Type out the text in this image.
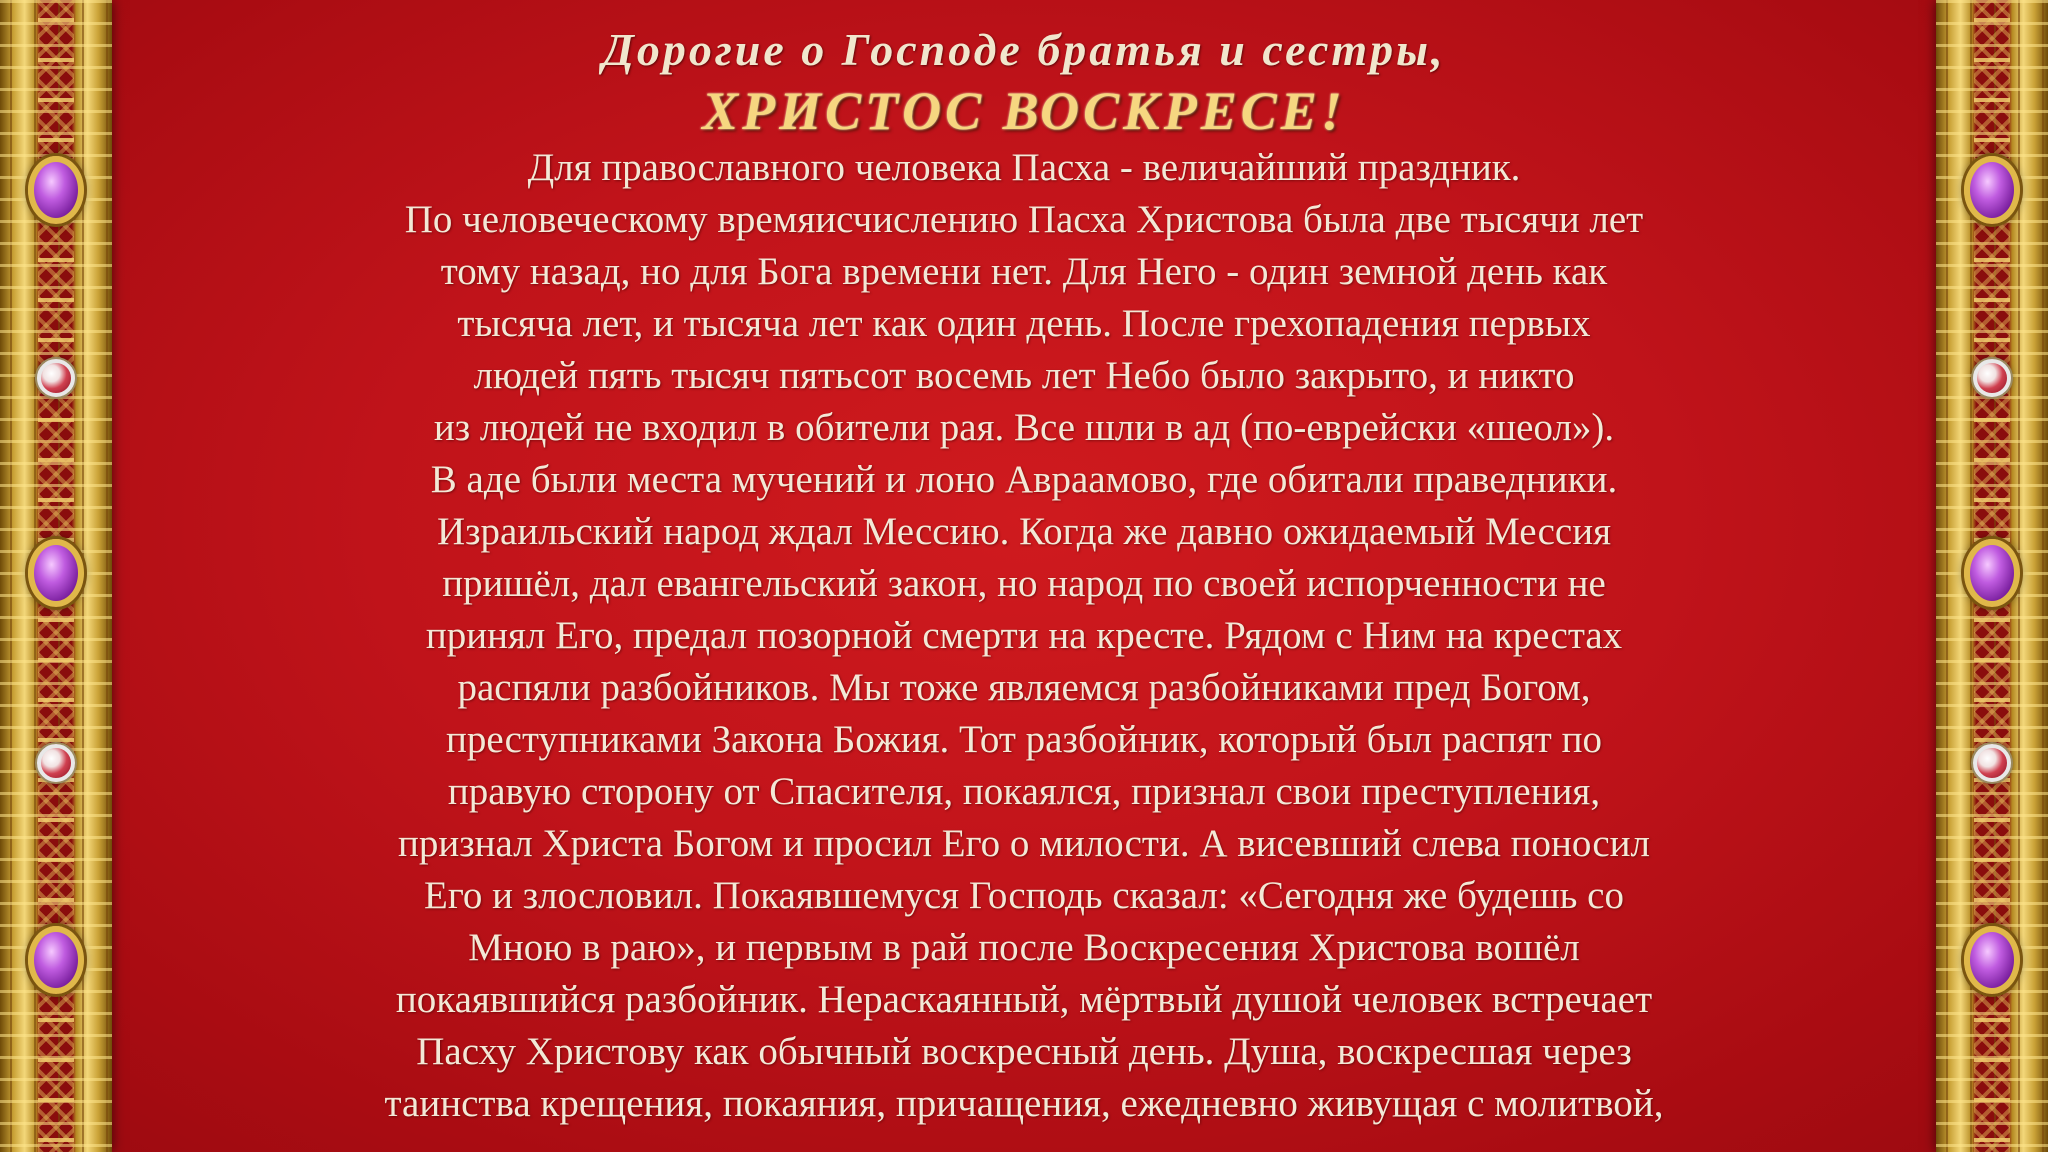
Дорогие о Господе братья и сестры,
ХРИСТОС ВОСКРЕСЕ!
Для православного человека Пасха - величайший праздник.
По человеческому времяисчислению Пасха Христова была две тысячи лет
тому назад, но для Бога времени нет. Для Него - один земной день как
тысяча лет, и тысяча лет как один день. После грехопадения первых
людей пять тысяч пятьсот восемь лет Небо было закрыто, и никто
из людей не входил в обители рая. Все шли в ад (по-еврейски «шеол»).
В аде были места мучений и лоно Авраамово, где обитали праведники.
Израильский народ ждал Мессию. Когда же давно ожидаемый Мессия
пришёл, дал евангельский закон, но народ по своей испорченности не
принял Его, предал позорной смерти на кресте. Рядом с Ним на крестах
распяли разбойников. Мы тоже являемся разбойниками пред Богом,
преступниками Закона Божия. Тот разбойник, который был распят по
правую сторону от Спасителя, покаялся, признал свои преступления,
признал Христа Богом и просил Его о милости. А висевший слева поносил
Его и злословил. Покаявшемуся Господь сказал: «Сегодня же будешь со
Мною в раю», и первым в рай после Воскресения Христова вошёл
покаявшийся разбойник. Нераскаянный, мёртвый душой человек встречает
Пасху Христову как обычный воскресный день. Душа, воскресшая через
таинства крещения, покаяния, причащения, ежедневно живущая с молитвой,
